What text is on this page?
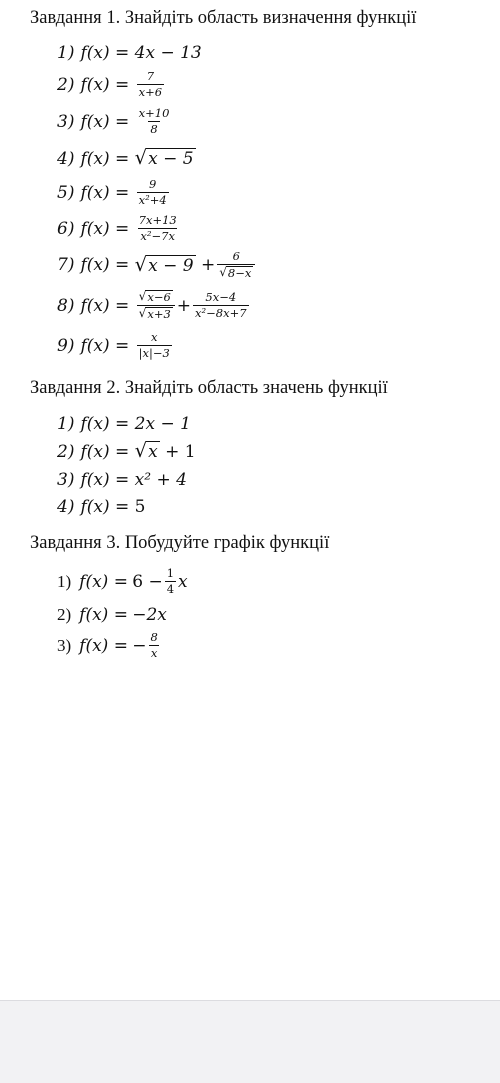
Завдання 1. Знайдіть область визначення функції
1) f(x) =
4x − 13
2) f(x) =
$\frac{7}{x+6}$
3) f(x) =
$\frac{x+10}{8}$
4) f(x) =
√ x − 5
5) f(x) =
$\frac{9}{\text{x²+4}}$
6) f(x) =
$\frac{7x+13}{\text{x²−7x}}$
7) f(x) =
√ x − 9
+ $\frac{6}{√ 8-x}$
8) f(x) =
$\frac{√ x-6}{√ x+3} + \frac{5x-4}{\text{x²−8x+7}}$
9) f(x) =
$\frac{x}{|x|-3}$
Завдання 2. Знайдіть область значень функції
1) f(x) =
2x − 1
2) f(x) =
√ x
+ 1
3) f(x) =
x² + 4
4) f(x) =
5
Завдання 3. Побудуйте графік функції
1) f(x) =
$6 - \frac{1}{4}$ x
2) f(x) =
−2x
3) f(x) =
− $\frac{8}{x}$
